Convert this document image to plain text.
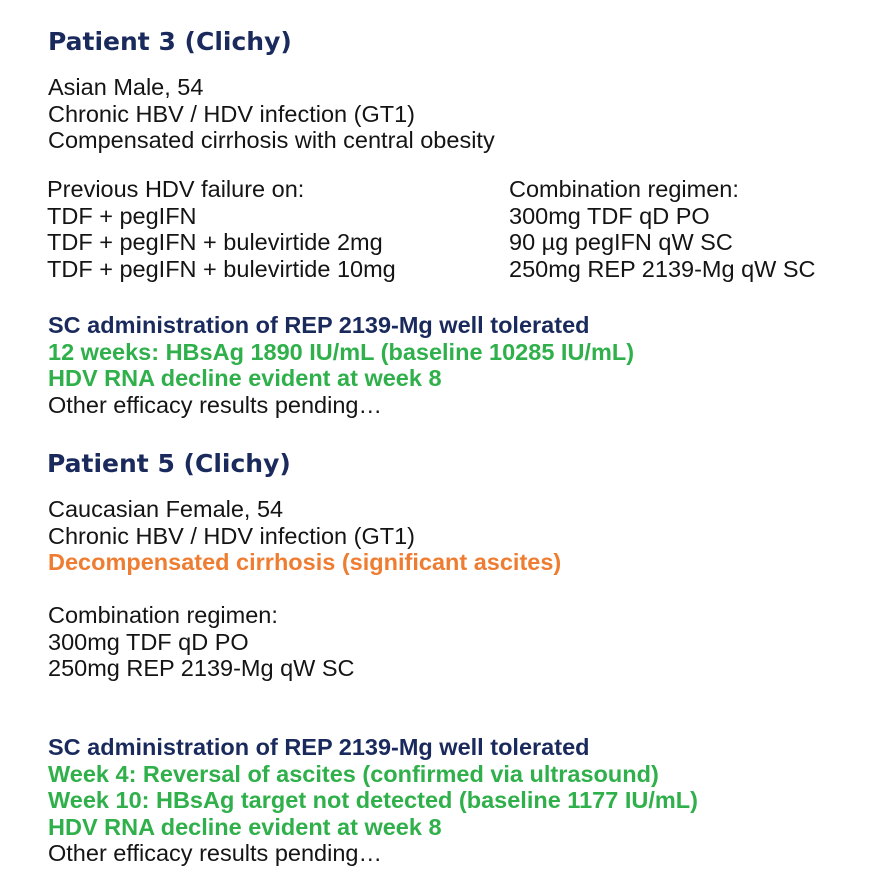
Patient 3 (Clichy)
Asian Male, 54
Chronic HBV / HDV infection (GT1)
Compensated cirrhosis with central obesity
Previous HDV failure on:
TDF + pegIFN
TDF + pegIFN + bulevirtide 2mg
TDF + pegIFN + bulevirtide 10mg
Combination regimen:
300mg TDF qD PO
90 µg pegIFN qW SC
250mg REP 2139-Mg qW SC
SC administration of REP 2139-Mg well tolerated
12 weeks: HBsAg 1890 IU/mL (baseline 10285 IU/mL)
HDV RNA decline evident at week 8
Other efficacy results pending…
Patient 5 (Clichy)
Caucasian Female, 54
Chronic HBV / HDV infection (GT1)
Decompensated cirrhosis (significant ascites)
Combination regimen:
300mg TDF qD PO
250mg REP 2139-Mg qW SC
SC administration of REP 2139-Mg well tolerated
Week 4: Reversal of ascites (confirmed via ultrasound)
Week 10: HBsAg target not detected (baseline 1177 IU/mL)
HDV RNA decline evident at week 8
Other efficacy results pending…
